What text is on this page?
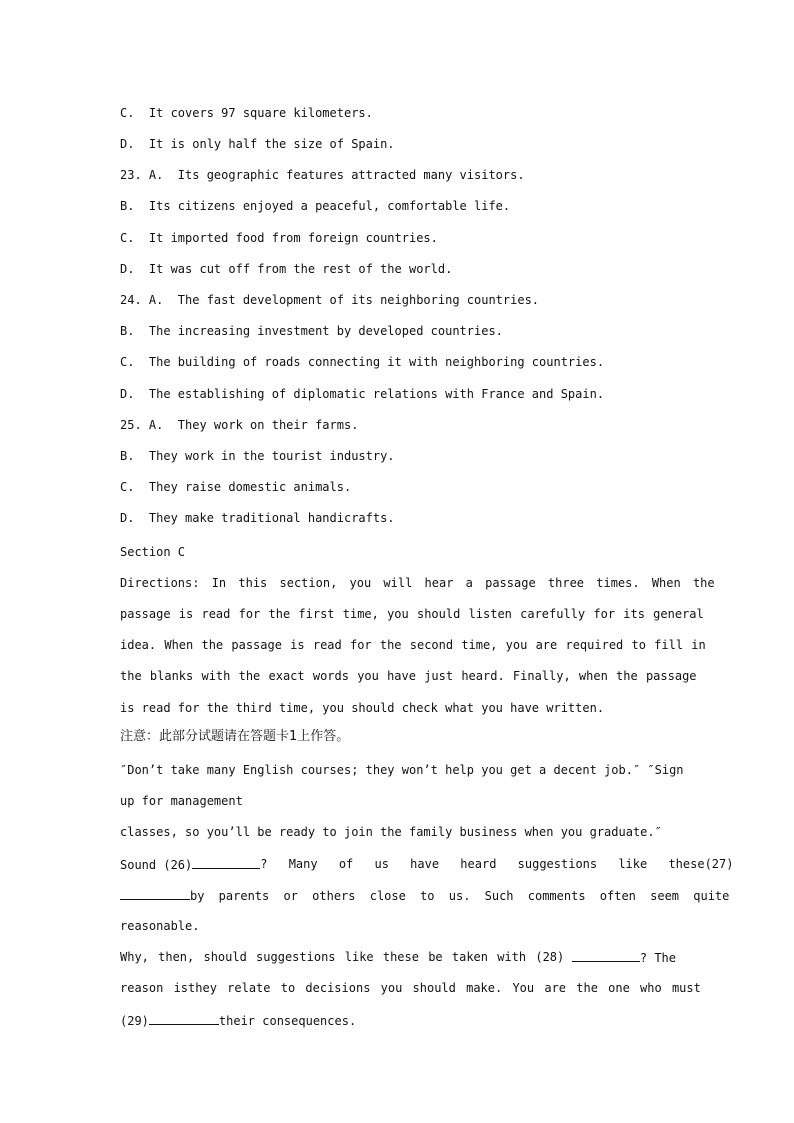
C.  It covers 97 square kilometers.
D.  It is only half the size of Spain.
23. A.  Its geographic features attracted many visitors.
B.  Its citizens enjoyed a peaceful, comfortable life.
C.  It imported food from foreign countries.
D.  It was cut off from the rest of the world.
24. A.  The fast development of its neighboring countries.
B.  The increasing investment by developed countries.
C.  The building of roads connecting it with neighboring countries.
D.  The establishing of diplomatic relations with France and Spain.
25. A.  They work on their farms.
B.  They work in the tourist industry.
C.  They raise domestic animals.
D.  They make traditional handicrafts.
Section C
Directions: In this section, you will hear a passage three times. When the
passage is read for the first time, you should listen carefully for its general
idea. When the passage is read for the second time, you are required to fill in
the blanks with the exact words you have just heard. Finally, when the passage
is read for the third time, you should check what you have written.
注意：此部分试题请在答题卡1上作答。
″Don’t take many English courses; they won’t help you get a decent job.″ ″Sign
up for management
classes, so you’ll be ready to join the family business when you graduate.″
Sound (26)	? Many of us have heard suggestions like these(27)
by parents or others close to us. Such comments often seem quite
reasonable.
Why, then, should suggestions like these be taken with (28)	? The
reason isthey relate to decisions you should make. You are the one who must
(29)	their consequences.
